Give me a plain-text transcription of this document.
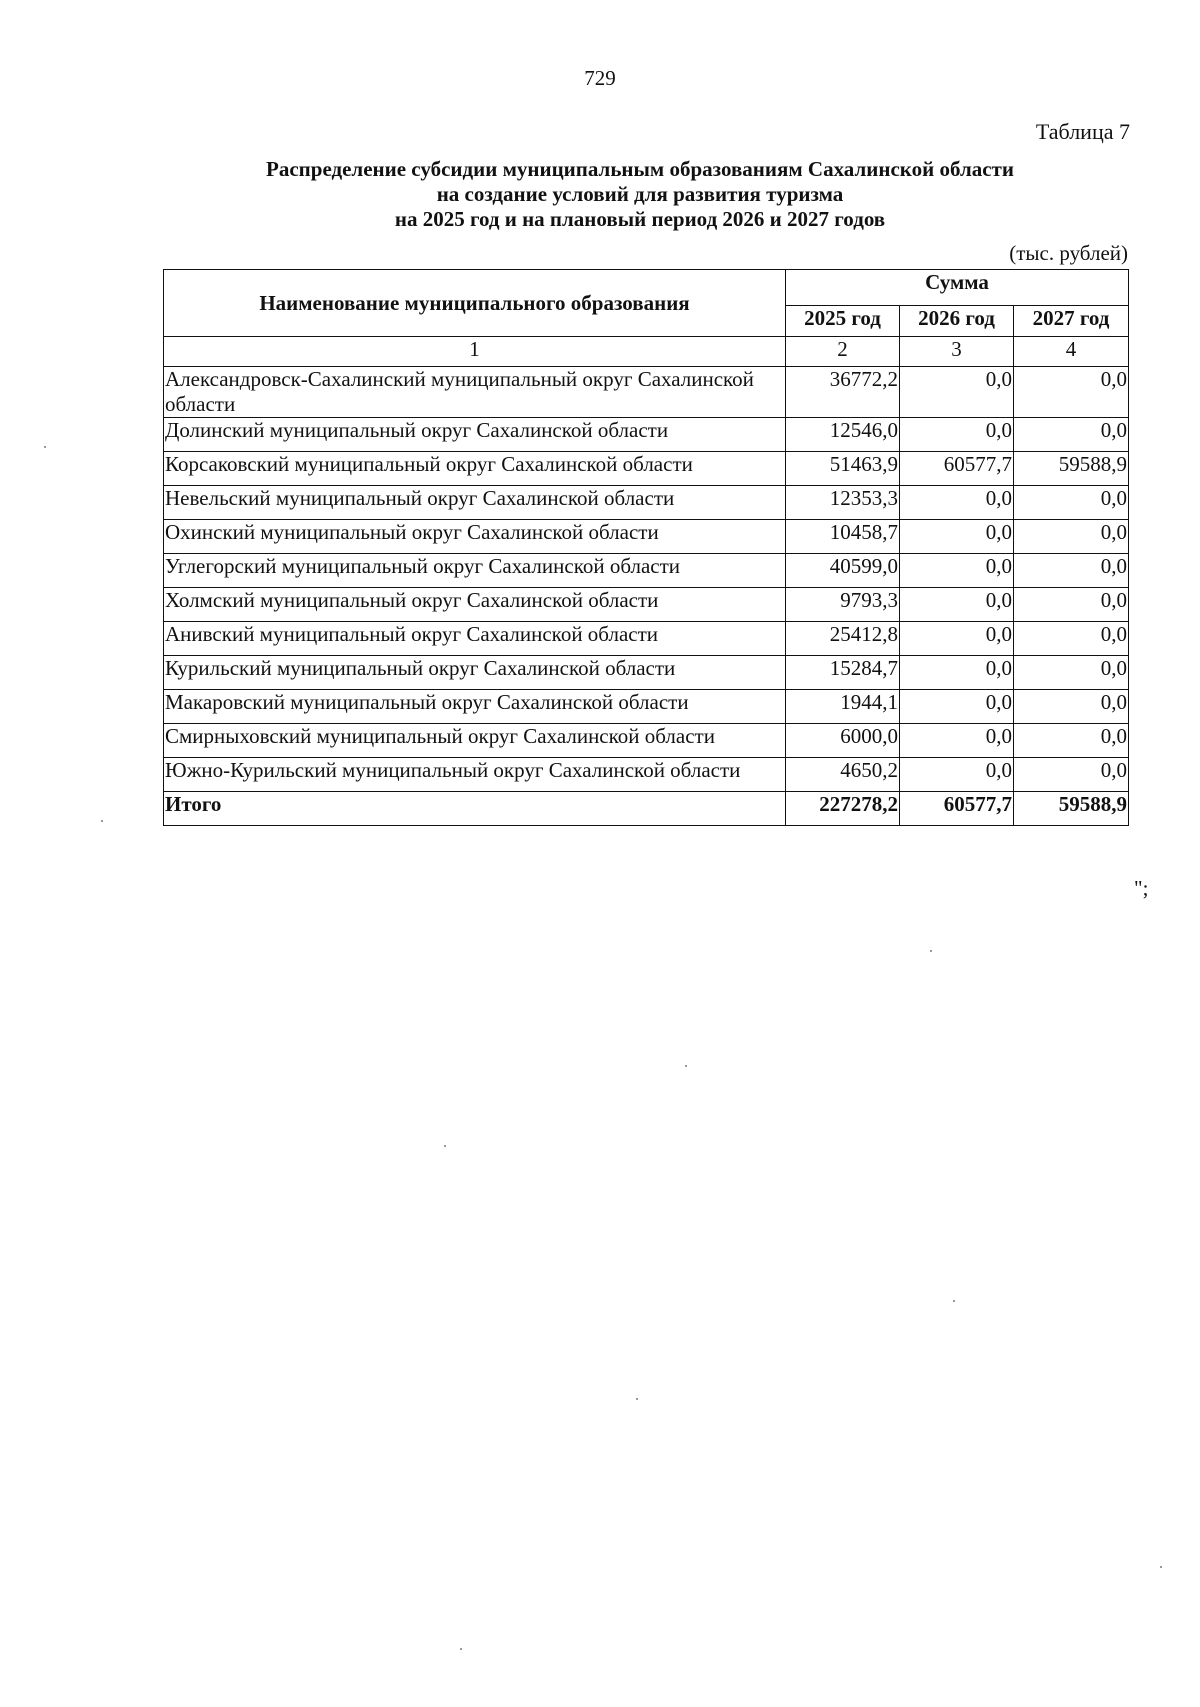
729
Таблица 7
Распределение субсидии муниципальным образованиям Сахалинской области
на создание условий для развития туризма
на 2025 год и на плановый период 2026 и 2027 годов
(тыс. рублей)
Наименование муниципального образования	Сумма		
	2025 год	2026 год	2027 год
1	2	3	4
Александровск-Сахалинский муниципальный округ Сахалинской области	36772,2	0,0	0,0
Долинский муниципальный округ Сахалинской области	12546,0	0,0	0,0
Корсаковский муниципальный округ Сахалинской области	51463,9	60577,7	59588,9
Невельский муниципальный округ Сахалинской области	12353,3	0,0	0,0
Охинский муниципальный округ Сахалинской области	10458,7	0,0	0,0
Углегорский муниципальный округ Сахалинской области	40599,0	0,0	0,0
Холмский муниципальный округ Сахалинской области	9793,3	0,0	0,0
Анивский муниципальный округ Сахалинской области	25412,8	0,0	0,0
Курильский муниципальный округ Сахалинской области	15284,7	0,0	0,0
Макаровский муниципальный округ Сахалинской области	1944,1	0,0	0,0
Смирныховский муниципальный округ Сахалинской области	6000,0	0,0	0,0
Южно-Курильский муниципальный округ Сахалинской области	4650,2	0,0	0,0
Итого	227278,2	60577,7	59588,9
";
